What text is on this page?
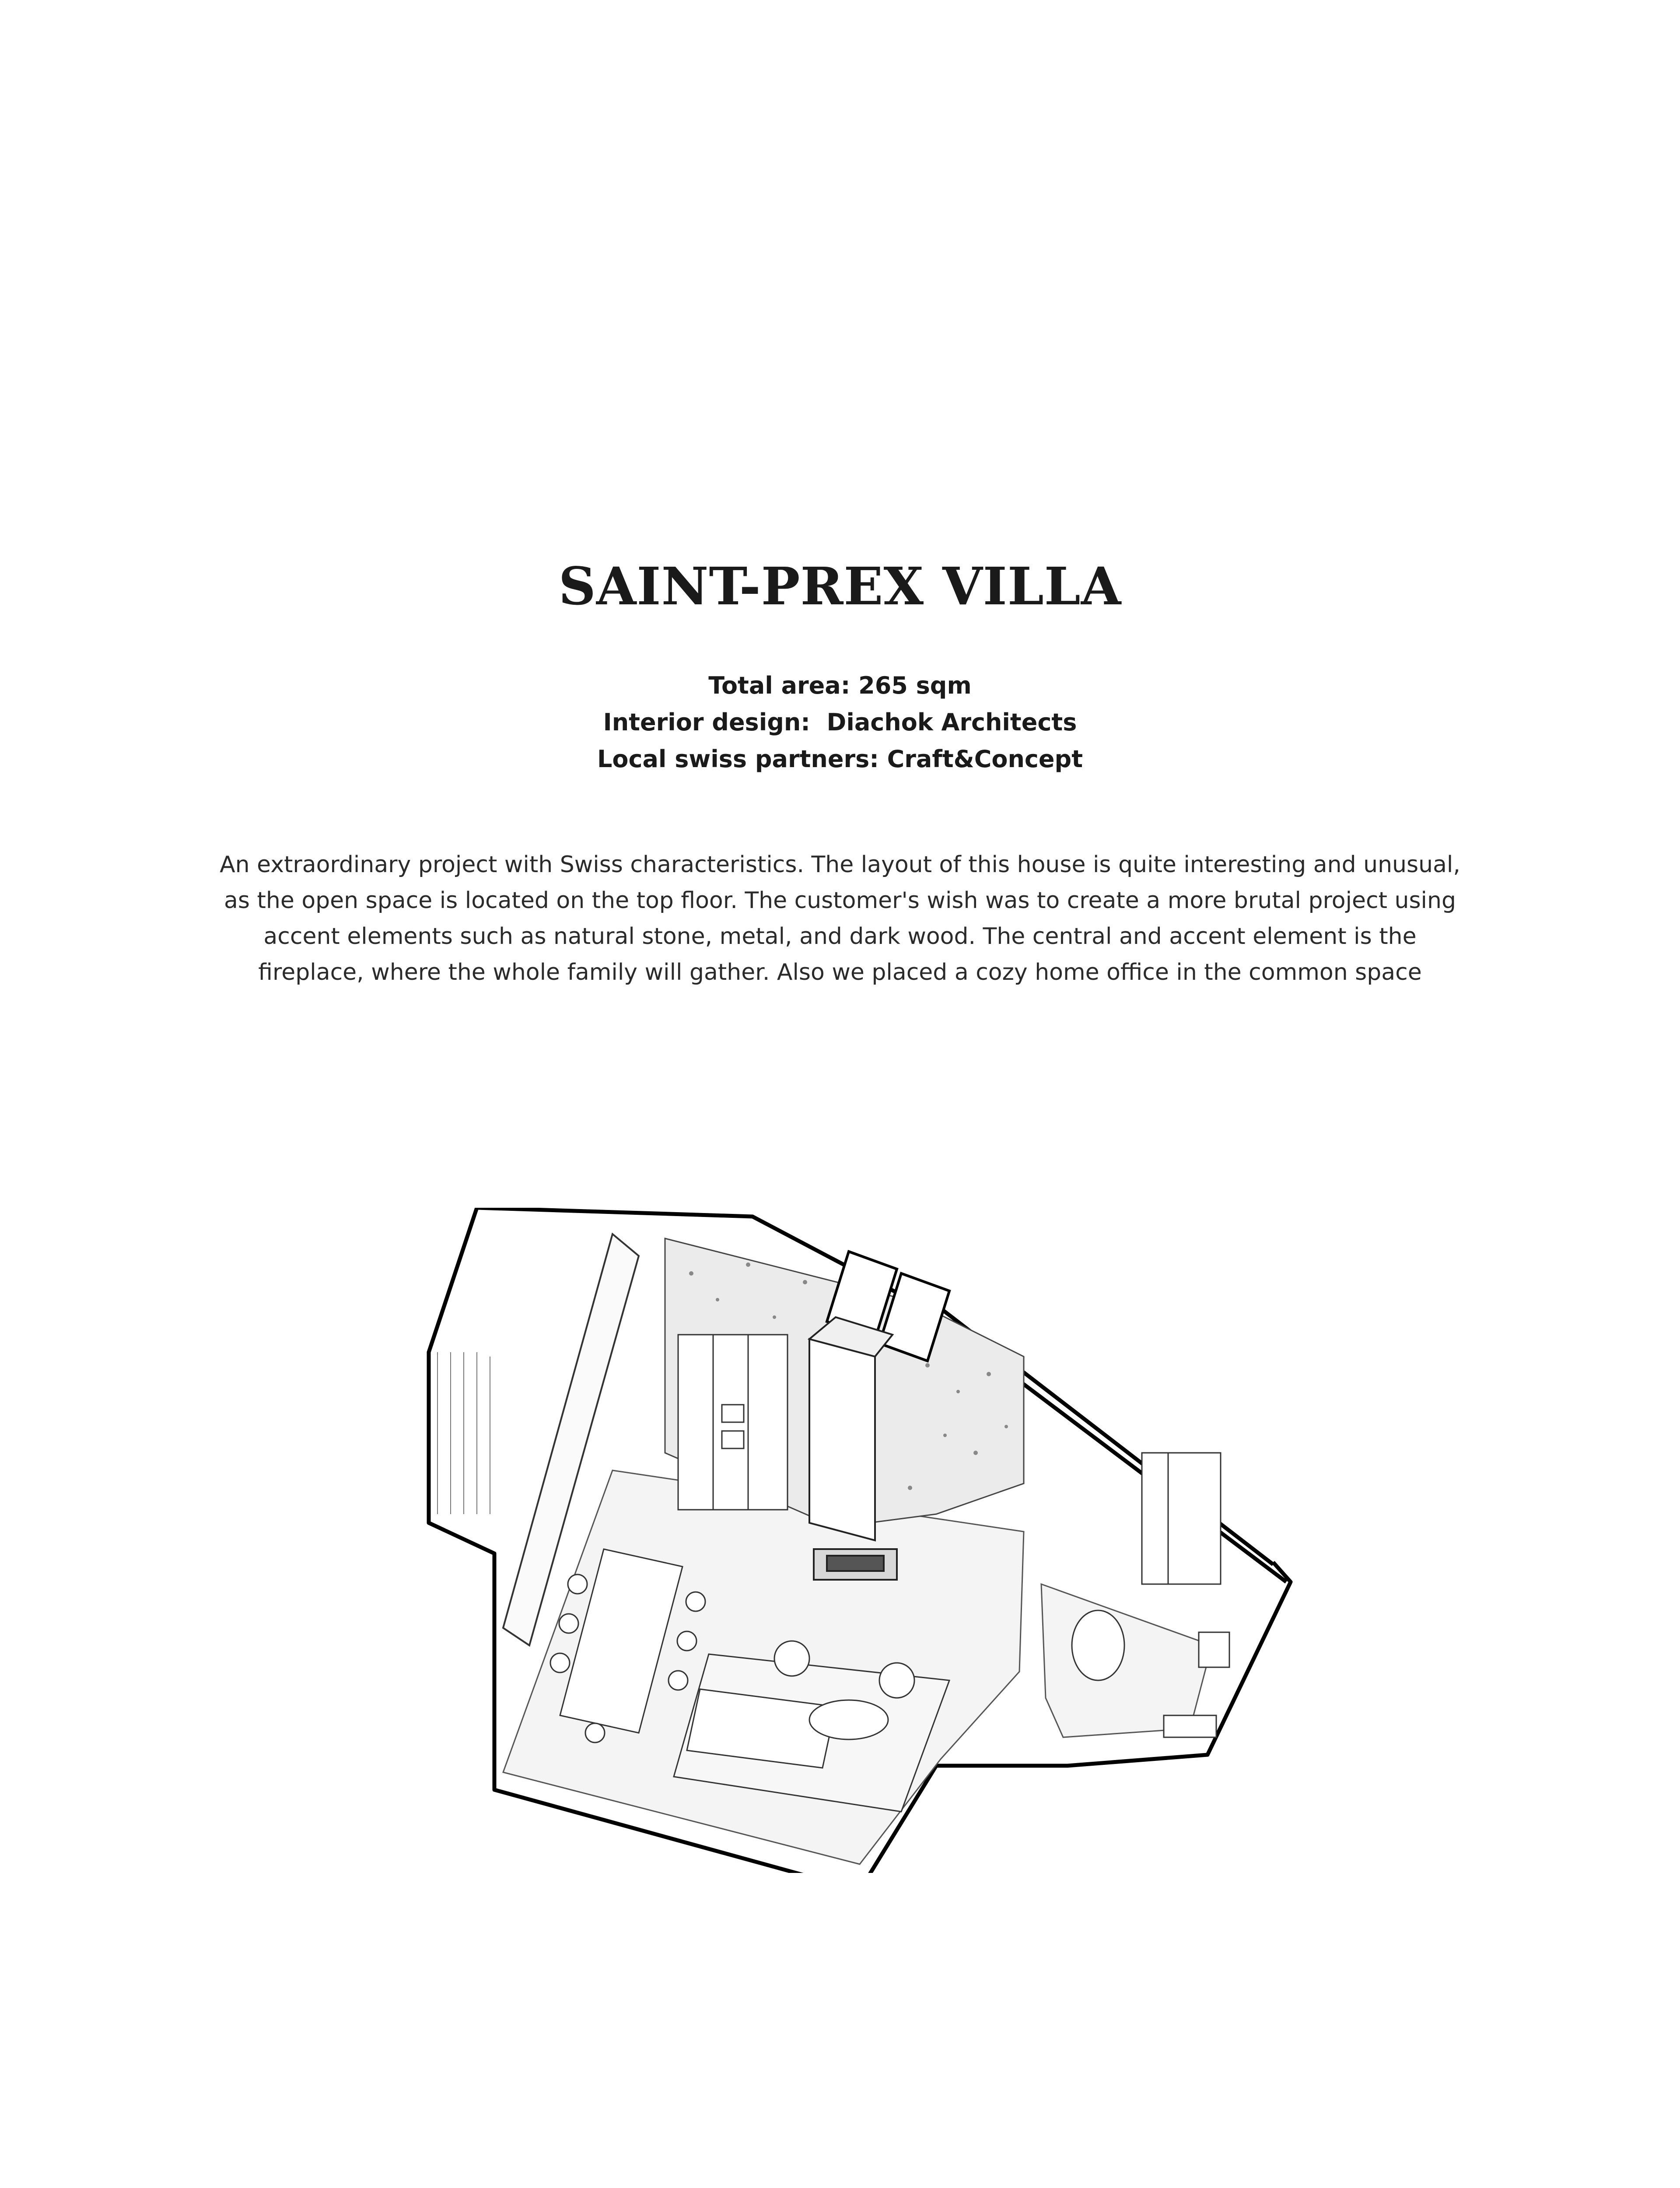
SAINT-PREX VILLA
Total area: 265 sqm
Interior design:  Diachok Architects
Local swiss partners: Craft&Concept

An extraordinary project with Swiss characteristics. The layout of this house is quite interesting and unusual, as the open space is located on the top floor. The customer's wish was to create a more brutal project using accent elements such as natural stone, metal, and dark wood. The central and accent element is the fireplace, where the whole family will gather. Also we placed a cozy home office in the common space
